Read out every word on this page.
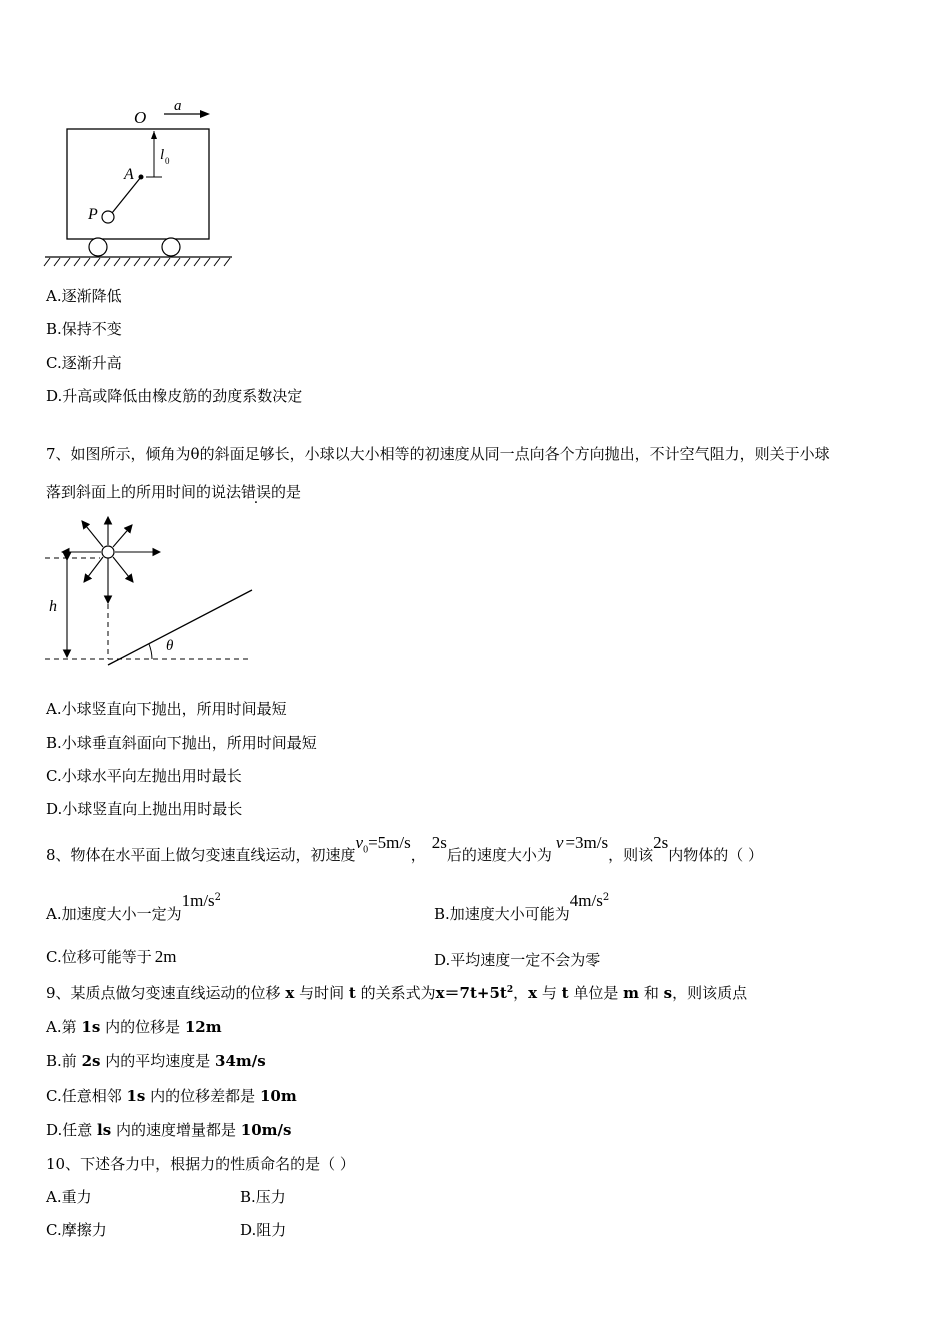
a
O
l 0
A
P
A.逐渐降低
B.保持不变
C.逐渐升高
D.升高或降低由橡皮筋的劲度系数决定
7、如图所示，倾角为θ的斜面足够长，小球以大小相等的初速度从同一点向各个方向抛出，不计空气阻力，则关于小球
落到斜面上的所用时间的说法错误的是
h
θ
A.小球竖直向下抛出，所用时间最短
B.小球垂直斜面向下抛出，所用时间最短
C.小球水平向左抛出用时最长
D.小球竖直向上抛出用时最长
8、物体在水平面上做匀变速直线运动，初速度$v_0=5m/s$，2s后的速度大小为v =3m/s，则该2s内物体的（ ）
A.加速度大小一定为$1m/s^2$
B.加速度大小可能为$4m/s^2$
C.位移可能等于 2m	D.平均速度一定不会为零
9、某质点做匀变速直线运动的位移 x 与时间 t 的关系式为$x=7t+5t^2$，x 与 t 单位是 m 和 s，则该质点
A.第 1s 内的位移是 12m
B.前 2s 内的平均速度是 34m/s
C.任意相邻 1s 内的位移差都是 10m
D.任意 ls 内的速度增量都是 10m/s
10、下述各力中，根据力的性质命名的是（ ）
A.重力	B.压力
C.摩擦力	D.阻力
